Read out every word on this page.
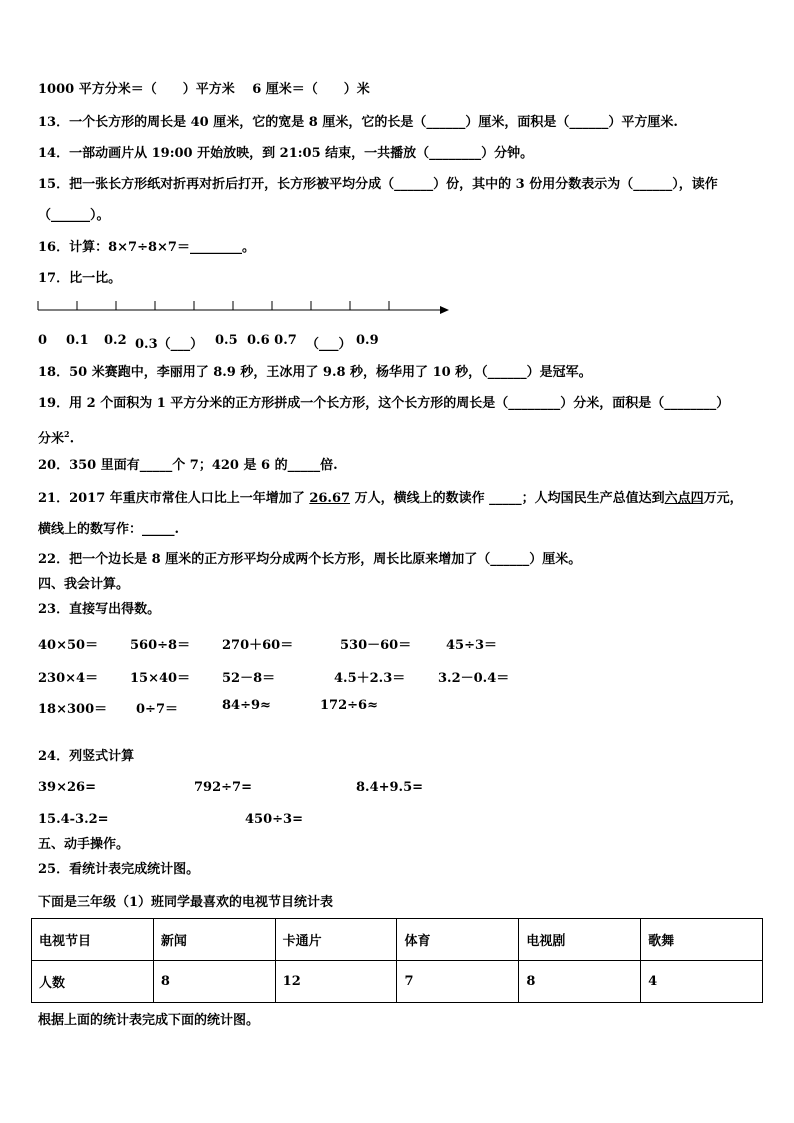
1000 平方分米＝（　　）平方米　 6 厘米＝（　　）米
13．一个长方形的周长是 40 厘米，它的宽是 8 厘米，它的长是（______）厘米，面积是（______）平方厘米.
14．一部动画片从 19:00 开始放映，到 21:05 结束，一共播放（________）分钟。
15．把一张长方形纸对折再对折后打开，长方形被平均分成（______）份，其中的 3 份用分数表示为（______），读作
（______）。
16．计算：8×7÷8×7＝________。
17．比一比。
0 0.1 0.2 0.3（___） 0.5 0.6 0.7 （___） 0.9
18．50 米赛跑中，李丽用了 8.9 秒，王冰用了 9.8 秒，杨华用了 10 秒，（______）是冠军。
19．用 2 个面积为 1 平方分米的正方形拼成一个长方形，这个长方形的周长是（________）分米，面积是（________）
分米$^2$.
20．350 里面有_____个 7；420 是 6 的_____倍.
21．2017 年重庆市常住人口比上一年增加了 26.67 万人，横线上的数读作 _____；人均国民生产总值达到六点四万元，
横线上的数写作：_____.
22．把一个边长是 8 厘米的正方形平均分成两个长方形，周长比原来增加了（______）厘米。
四、我会计算。
23．直接写出得数。
40×50＝ 560÷8＝ 270＋60＝	530－60＝	45÷3＝
230×4＝ 15×40＝ 52－8＝	4.5＋2.3＝	3.2－0.4＝
18×300＝ 0÷7＝	84÷9≈	172÷6≈
24．列竖式计算
39×26=	792÷7=	8.4+9.5=
15.4-3.2=	450÷3=
五、动手操作。
25．看统计表完成统计图。
下面是三年级（1）班同学最喜欢的电视节目统计表
电视节目	新闻	卡通片	体育	电视剧	歌舞
人数	8	12	7	8	4
根据上面的统计表完成下面的统计图。
